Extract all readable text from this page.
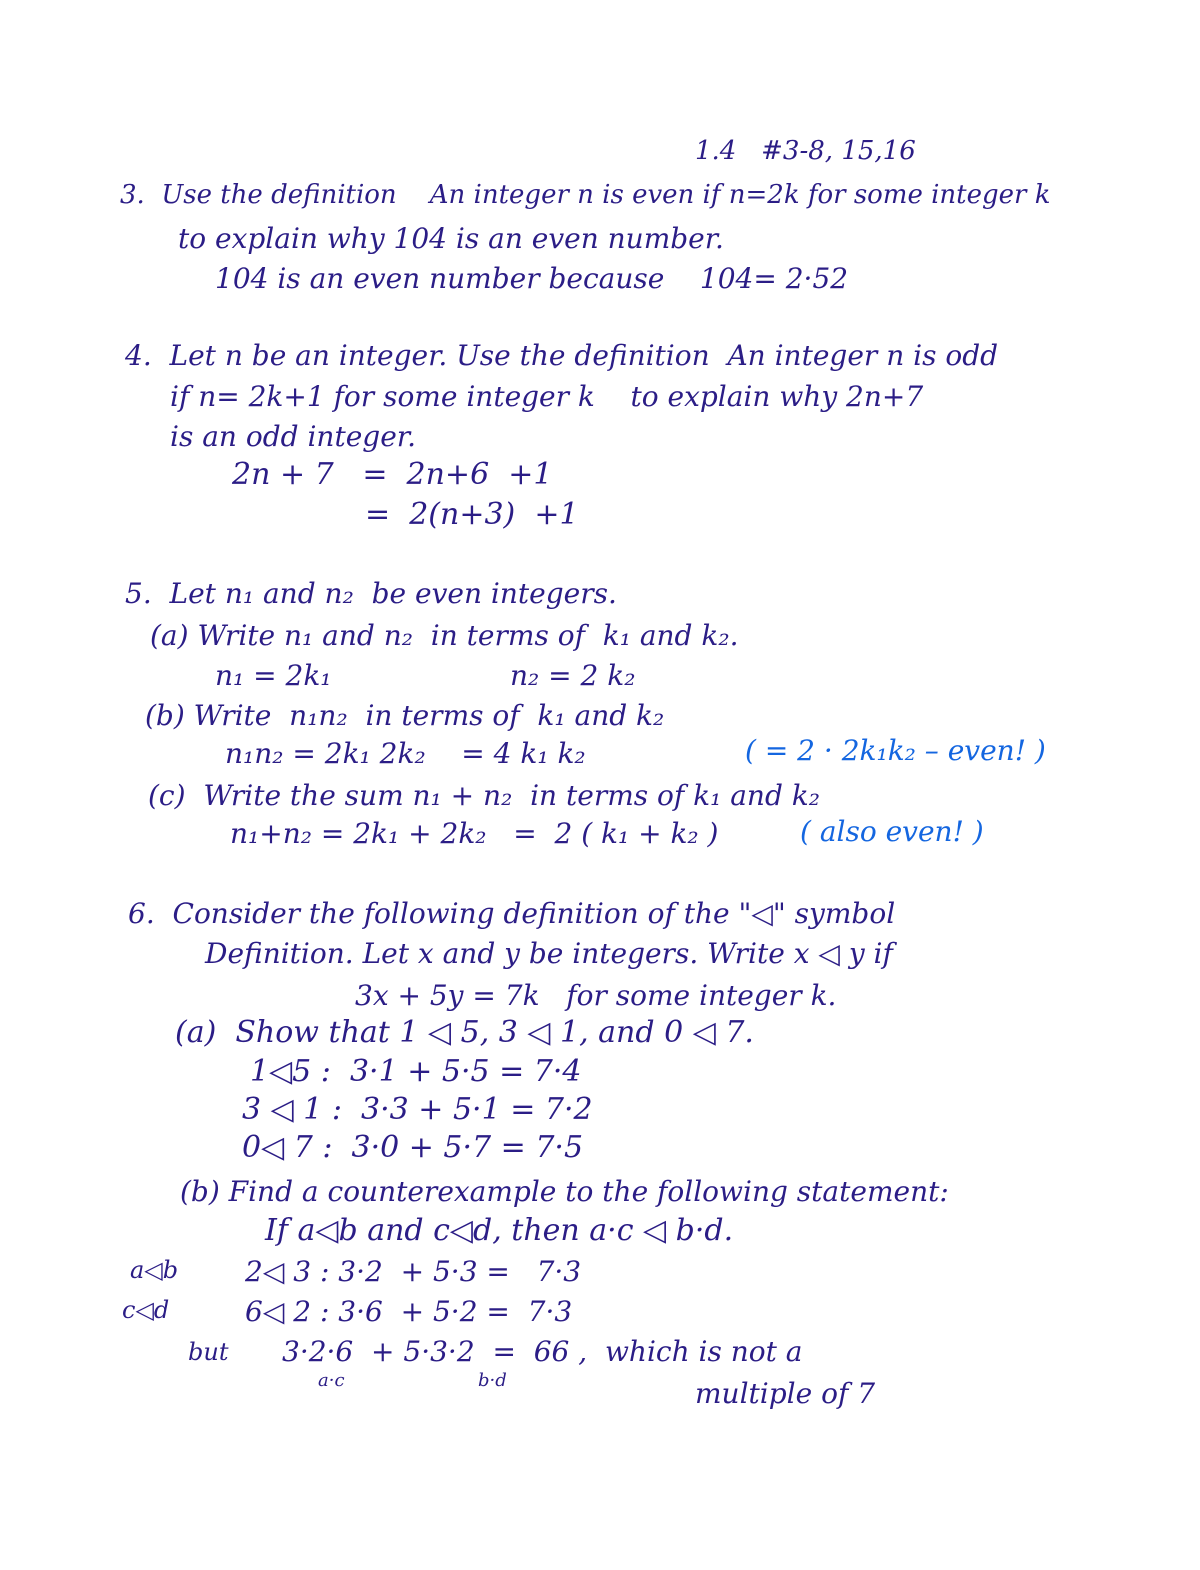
1.4   #3-8, 15,16
3.  Use the definition    An integer n is even if n=2k for some integer k
to explain why 104 is an even number.
104 is an even number because    104= 2·52
4.  Let n be an integer. Use the definition  An integer n is odd
if n= 2k+1 for some integer k    to explain why 2n+7
is an odd integer.
2n + 7   =  2n+6  +1
=  2(n+3)  +1
5.  Let n₁ and n₂  be even integers.
(a) Write n₁ and n₂  in terms of  k₁ and k₂.
n₁ = 2k₁	n₂ = 2 k₂
(b) Write  n₁n₂  in terms of  k₁ and k₂
n₁n₂ = 2k₁ 2k₂    = 4 k₁ k₂	( = 2 · 2k₁k₂ – even! )
(c)  Write the sum n₁ + n₂  in terms of k₁ and k₂
n₁+n₂ = 2k₁ + 2k₂   =  2 ( k₁ + k₂ )	( also even! )
6.  Consider the following definition of the "◁" symbol
Definition. Let x and y be integers. Write x ◁ y if
3x + 5y = 7k   for some integer k.
(a)  Show that 1 ◁ 5, 3 ◁ 1, and 0 ◁ 7.
1◁5 :  3·1 + 5·5 = 7·4
3 ◁ 1 :  3·3 + 5·1 = 7·2
0◁ 7 :  3·0 + 5·7 = 7·5
(b) Find a counterexample to the following statement:
If a◁b and c◁d, then a·c ◁ b·d.
a◁b 2◁ 3 : 3·2  + 5·3 =   7·3
c◁d	6◁ 2 : 3·6  + 5·2 =  7·3
but 3·2·6  + 5·3·2  =  66 ,  which is not a
a·c	b·d	multiple of 7
